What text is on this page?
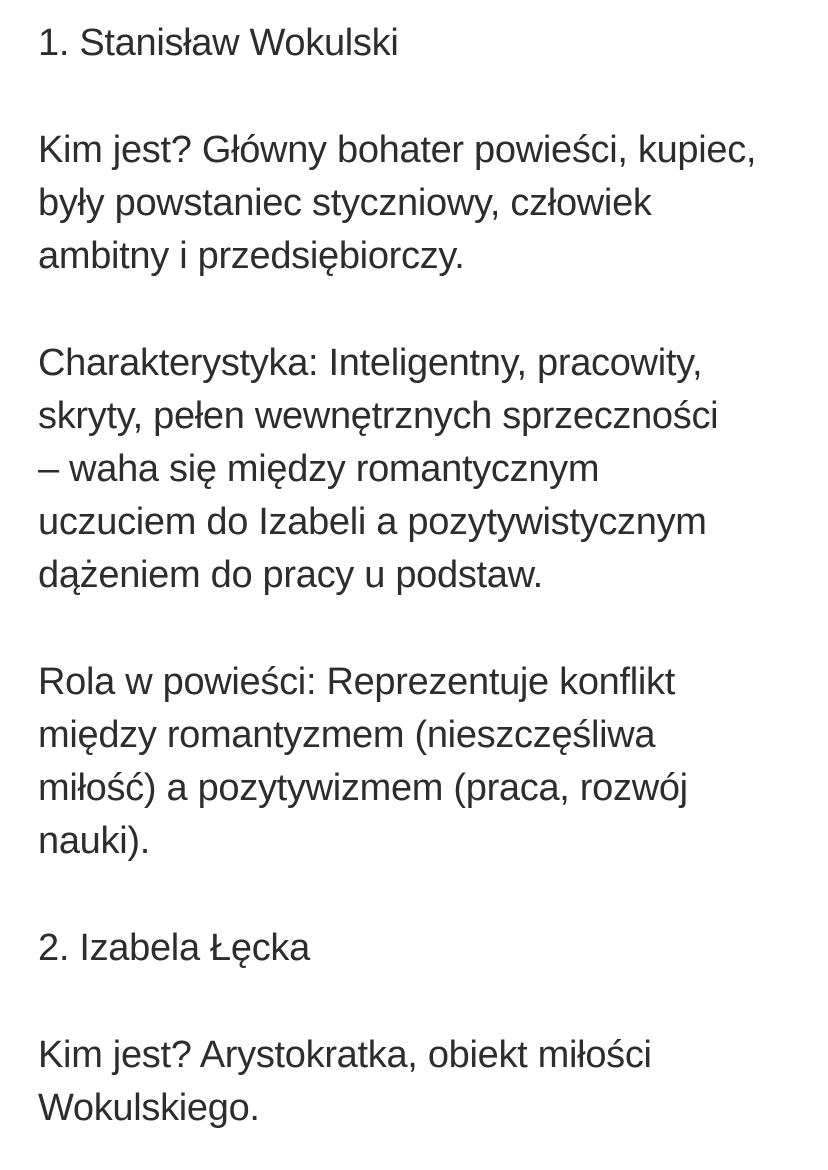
1. Stanisław Wokulski
Kim jest? Główny bohater powieści, kupiec,
były powstaniec styczniowy, człowiek
ambitny i przedsiębiorczy.
Charakterystyka: Inteligentny, pracowity,
skryty, pełen wewnętrznych sprzeczności
– waha się między romantycznym
uczuciem do Izabeli a pozytywistycznym
dążeniem do pracy u podstaw.
Rola w powieści: Reprezentuje konflikt
między romantyzmem (nieszczęśliwa
miłość) a pozytywizmem (praca, rozwój
nauki).
2. Izabela Łęcka
Kim jest? Arystokratka, obiekt miłości
Wokulskiego.
